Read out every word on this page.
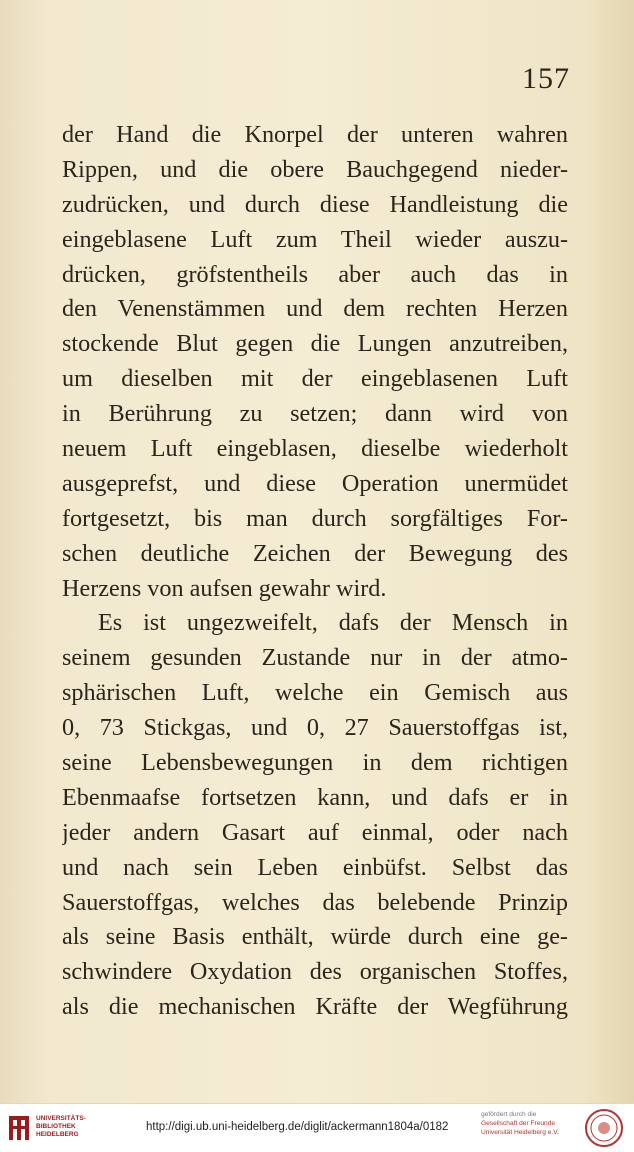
157
der Hand die Knorpel der unteren wahren
Rippen, und die obere Bauchgegend nieder-
zudrücken, und durch diese Handleistung die
eingeblasene Luft zum Theil wieder auszu-
drücken, gröfstentheils aber auch das in
den Venenstämmen und dem rechten Herzen
stockende Blut gegen die Lungen anzutreiben,
um dieselben mit der eingeblasenen Luft
in Berührung zu setzen; dann wird von
neuem Luft eingeblasen, dieselbe wiederholt
ausgeprefst, und diese Operation unermüdet
fortgesetzt, bis man durch sorgfältiges For-
schen deutliche Zeichen der Bewegung des
Herzens von aufsen gewahr wird.
Es ist ungezweifelt, dafs der Mensch in
seinem gesunden Zustande nur in der atmo-
sphärischen Luft, welche ein Gemisch aus
0, 73 Stickgas, und 0, 27 Sauerstoffgas ist,
seine Lebensbewegungen in dem richtigen
Ebenmaafse fortsetzen kann, und dafs er in
jeder andern Gasart auf einmal, oder nach
und nach sein Leben einbüfst. Selbst das
Sauerstoffgas, welches das belebende Prinzip
als seine Basis enthält, würde durch eine ge-
schwindere Oxydation des organischen Stoffes,
als die mechanischen Kräfte der Wegführung
UNIVERSITÄTS-
BIBLIOTHEK
HEIDELBERG
http://digi.ub.uni-heidelberg.de/diglit/ackermann1804a/0182
gefördert durch die
Gesellschaft der Freunde
Universität Heidelberg e.V.
